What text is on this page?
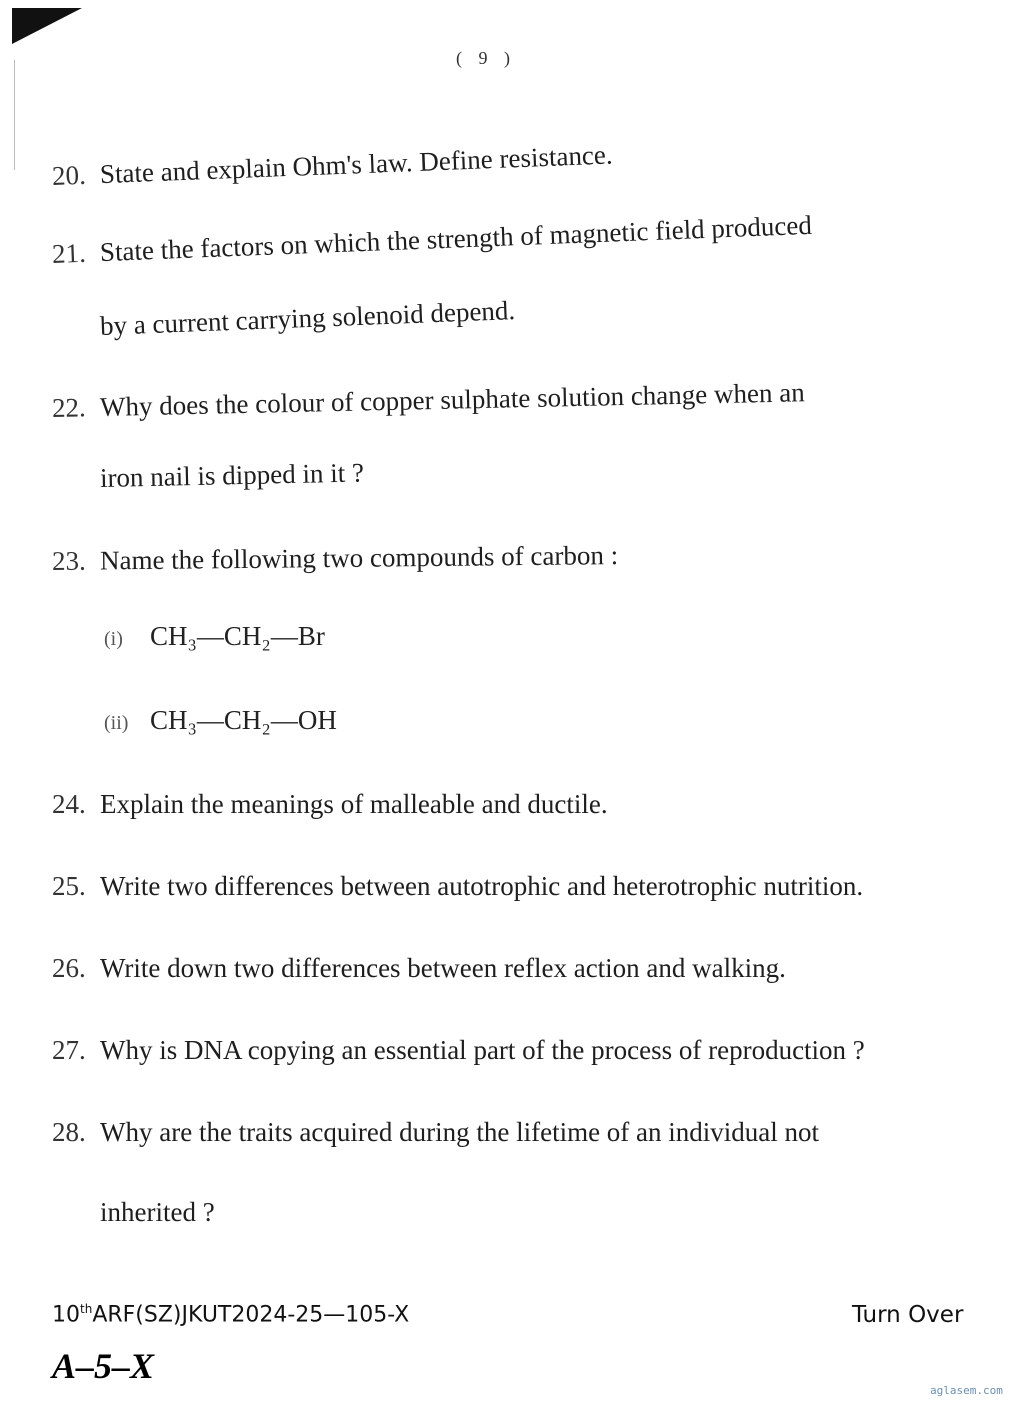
( 9 )
20. State and explain Ohm's law. Define resistance.
21. State the factors on which the strength of magnetic field produced
by a current carrying solenoid depend.
22. Why does the colour of copper sulphate solution change when an
iron nail is dipped in it ?
23. Name the following two compounds of carbon :
(i) CH₃—CH₂—Br
(ii) CH₃—CH₂—OH
24. Explain the meanings of malleable and ductile.
25. Write two differences between autotrophic and heterotrophic nutrition.
26. Write down two differences between reflex action and walking.
27. Why is DNA copying an essential part of the process of reproduction ?
28. Why are the traits acquired during the lifetime of an individual not
inherited ?
10thARF(SZ)JKUT2024-25—105-X	Turn Over
A–5–X
aglasem.com
